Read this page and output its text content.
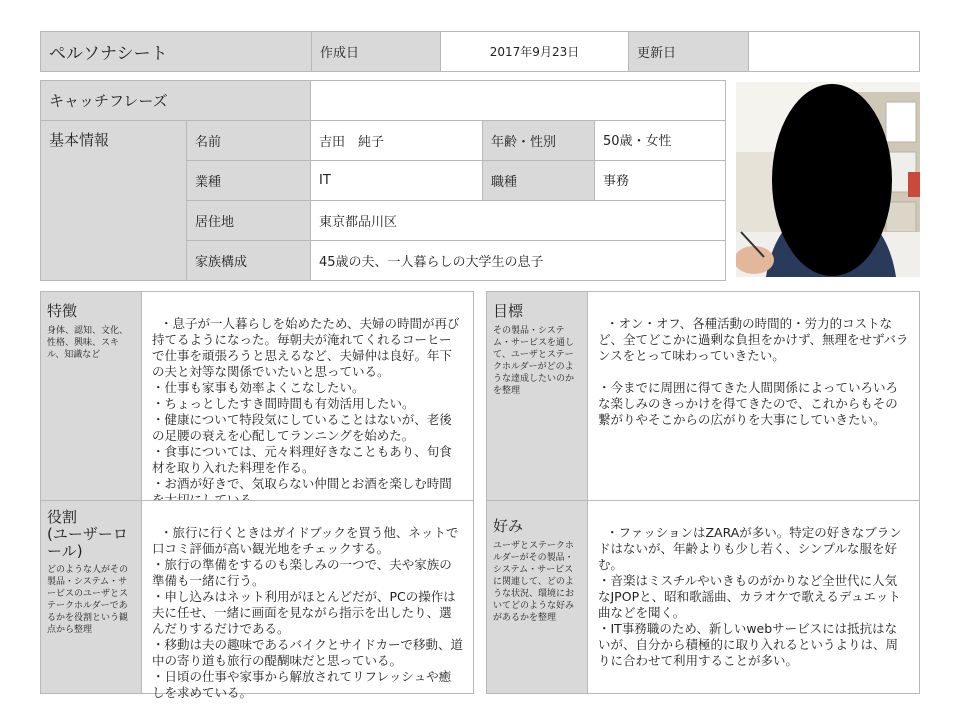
ペルソナシート	作成日	2017年9月23日	更新日
キャッチフレーズ
基本情報	名前	吉田　純子	年齢・性別	50歳・女性
業種	IT	職種	事務
居住地	東京都品川区
家族構成	45歳の夫、一人暮らしの大学生の息子
特徴
身体、認知、文化、性格、興味、スキル、知識など

・息子が一人暮らしを始めたため、夫婦の時間が再び持てるようになった。毎朝夫が淹れてくれるコーヒーで仕事を頑張ろうと思えるなど、夫婦仲は良好。年下の夫と対等な関係でいたいと思っている。
・仕事も家事も効率よくこなしたい。
・ちょっとしたすき間時間も有効活用したい。
・健康について特段気にしていることはないが、老後の足腰の衰えを心配してランニングを始めた。
・食事については、元々料理好きなこともあり、旬食材を取り入れた料理を作る。
・お酒が好きで、気取らない仲間とお酒を楽しむ時間

役割
(ユーザーロール)
どのような人がその製品・システム・サービスのユーザとステークホルダーであるかを役割という観点から整理

・旅行に行くときはガイドブックを買う他、ネットで口コミ評価が高い観光地をチェックする。
・旅行の準備をするのも楽しみの一つで、夫や家族の準備も一緒に行う。
・申し込みはネット利用がほとんどだが、PCの操作は夫に任せ、一緒に画面を見ながら指示を出したり、選んだりするだけである。
・移動は夫の趣味であるバイクとサイドカーで移動、道中の寄り道も旅行の醍醐味だと思っている。
・日頃の仕事や家事から解放されてリフレッシュや癒しを求めている。

目標
その製品・システム・サービスを通して、ユーザとステークホルダーがどのような達成したいのかを整理

・オン・オフ、各種活動の時間的・労力的コストなど、全てどこかに過剰な負担をかけず、無理をせずバランスをとって味わっていきたい。

・今までに周囲に得てきた人間関係によっていろいろな楽しみのきっかけを得てきたので、これからもその繋がりやそこからの広がりを大事にしていきたい。

好み
ユーザとステークホルダーがその製品・システム・サービスに関連して、どのような状況、環境においてどのような好みがあるかを整理

・ファッションはZARAが多い。特定の好きなブランドはないが、年齢よりも少し若く、シンプルな服を好む。
・音楽はミスチルやいきものがかりなど全世代に人気なJPOPと、昭和歌謡曲、カラオケで歌えるデュエット曲などを聞く。
・IT事務職のため、新しいwebサービスには抵抗はないが、自分から積極的に取り入れるというよりは、周りに合わせて利用することが多い。
